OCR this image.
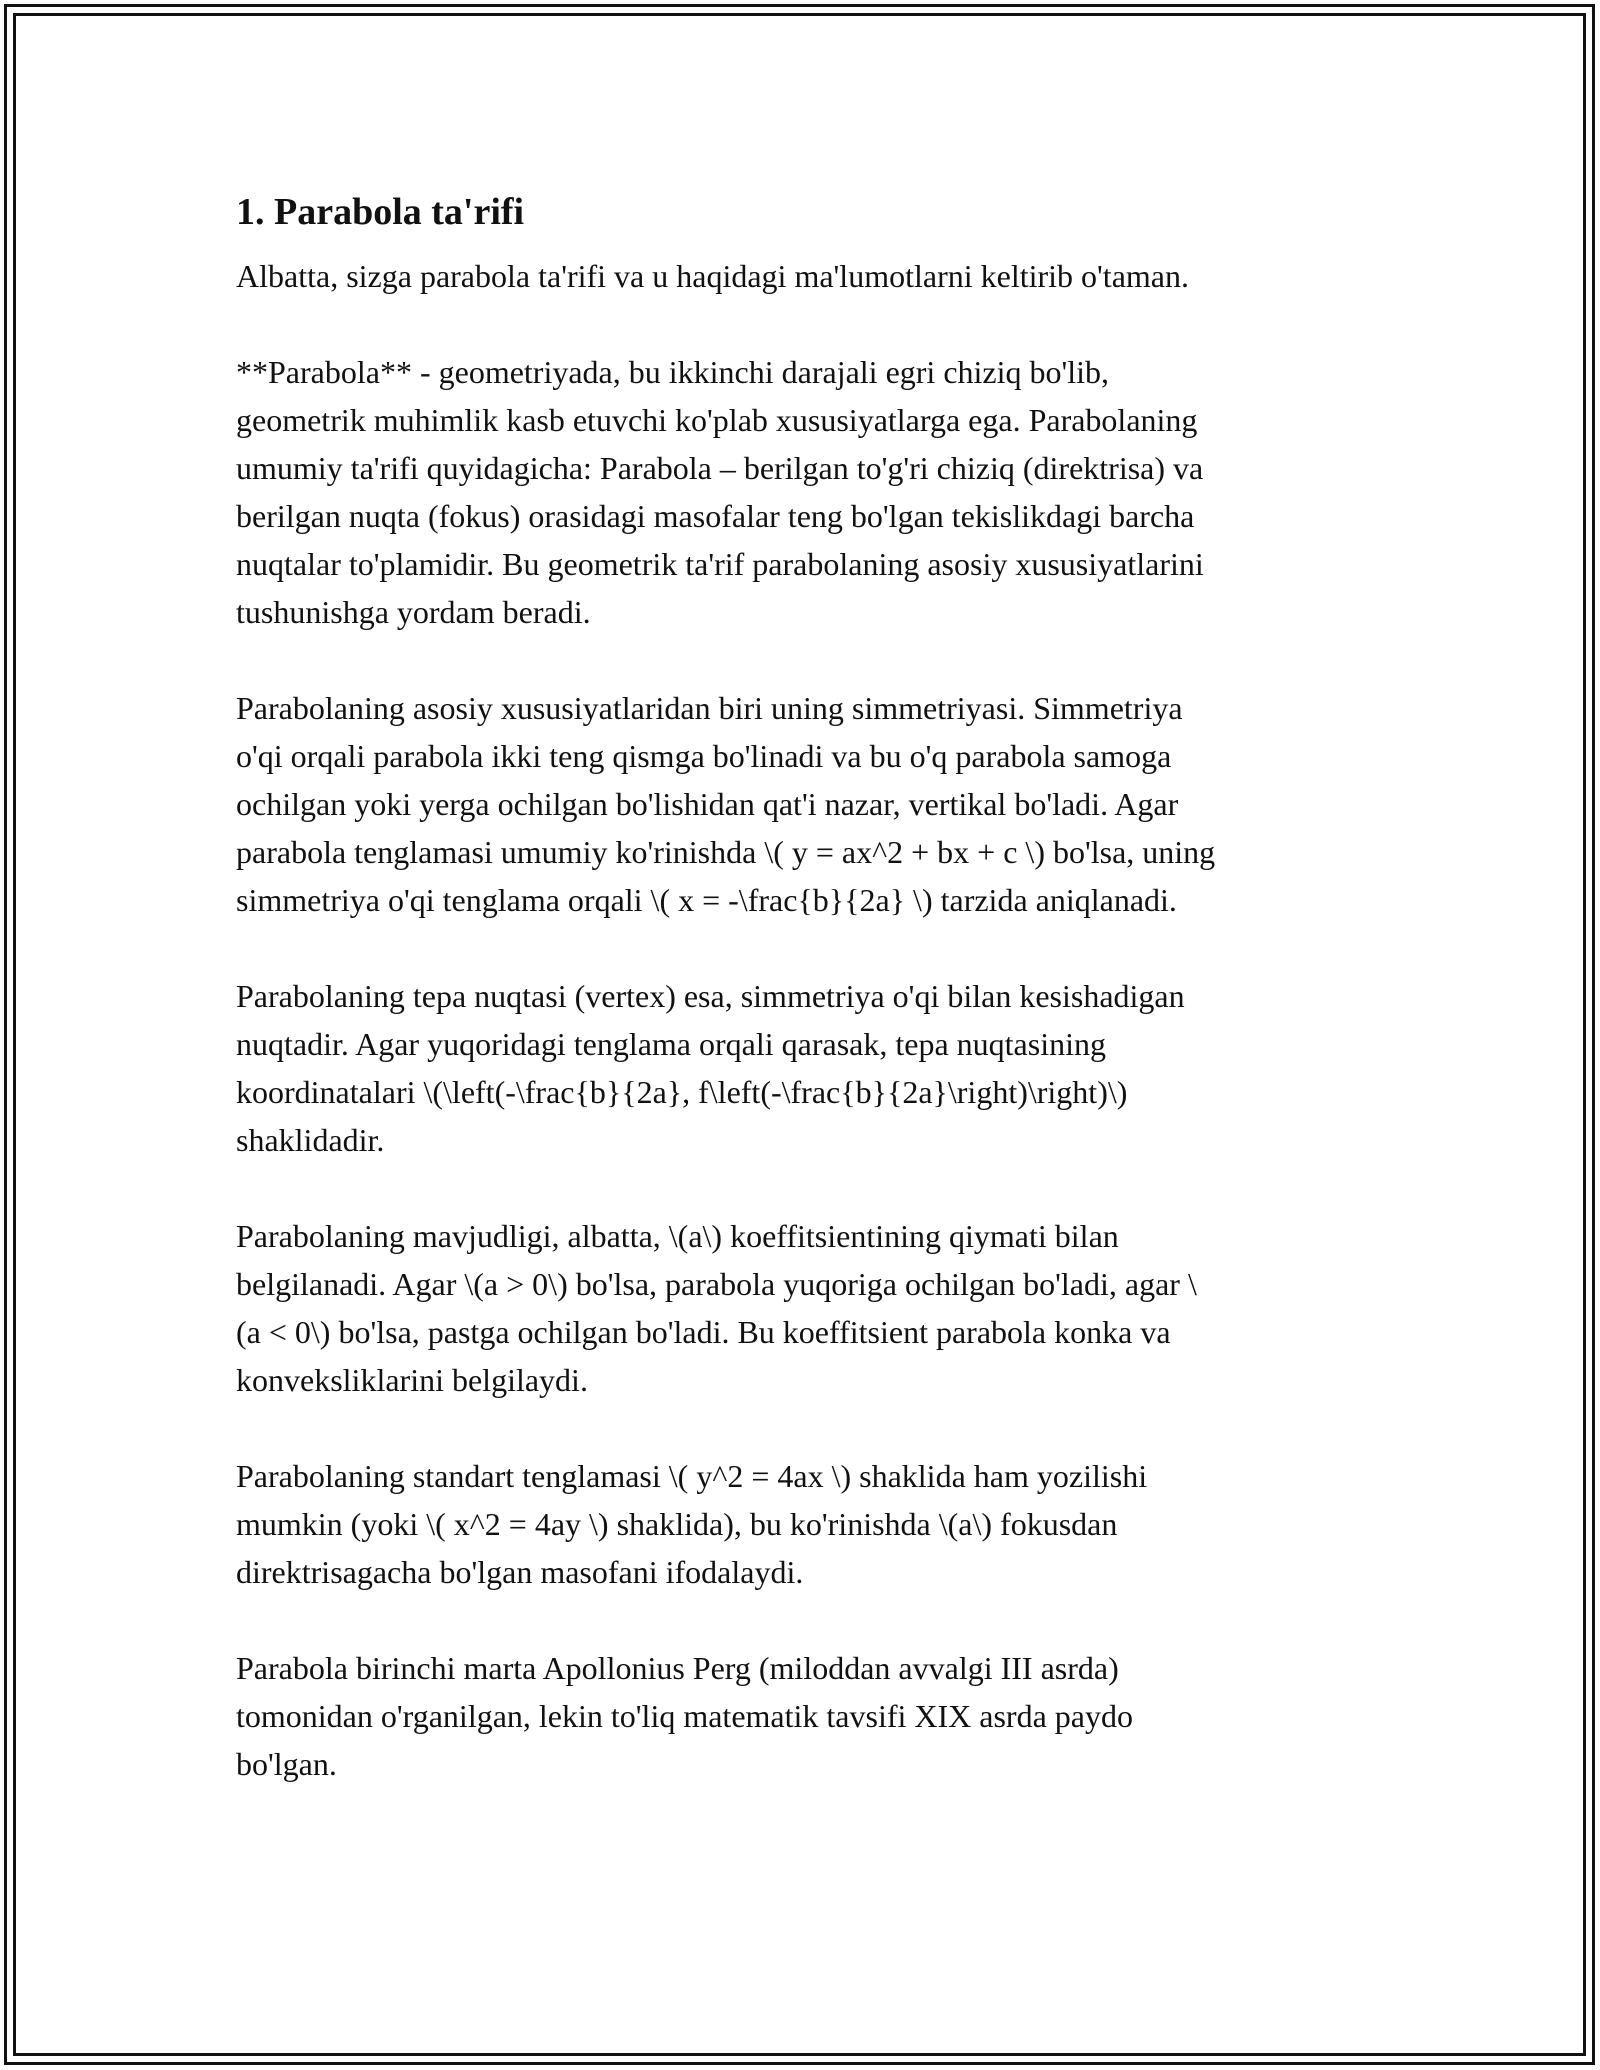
1. Parabola ta'rifi

Albatta, sizga parabola ta'rifi va u haqidagi ma'lumotlarni keltirib o'taman.

**Parabola** - geometriyada, bu ikkinchi darajali egri chiziq bo'lib,
geometrik muhimlik kasb etuvchi ko'plab xususiyatlarga ega. Parabolaning
umumiy ta'rifi quyidagicha: Parabola – berilgan to'g'ri chiziq (direktrisa) va
berilgan nuqta (fokus) orasidagi masofalar teng bo'lgan tekislikdagi barcha
nuqtalar to'plamidir. Bu geometrik ta'rif parabolaning asosiy xususiyatlarini
tushunishga yordam beradi.

Parabolaning asosiy xususiyatlaridan biri uning simmetriyasi. Simmetriya
o'qi orqali parabola ikki teng qismga bo'linadi va bu o'q parabola samoga
ochilgan yoki yerga ochilgan bo'lishidan qat'i nazar, vertikal bo'ladi. Agar
parabola tenglamasi umumiy ko'rinishda \( y = ax^2 + bx + c \) bo'lsa, uning
simmetriya o'qi tenglama orqali \( x = -\frac{b}{2a} \) tarzida aniqlanadi.

Parabolaning tepa nuqtasi (vertex) esa, simmetriya o'qi bilan kesishadigan
nuqtadir. Agar yuqoridagi tenglama orqali qarasak, tepa nuqtasining
koordinatalari \(\left(-\frac{b}{2a}, f\left(-\frac{b}{2a}\right)\right)\)
shaklidadir.

Parabolaning mavjudligi, albatta, \(a\) koeffitsientining qiymati bilan
belgilanadi. Agar \(a > 0\) bo'lsa, parabola yuqoriga ochilgan bo'ladi, agar \
(a < 0\) bo'lsa, pastga ochilgan bo'ladi. Bu koeffitsient parabola konka va
konveksliklarini belgilaydi.

Parabolaning standart tenglamasi \( y^2 = 4ax \) shaklida ham yozilishi
mumkin (yoki \( x^2 = 4ay \) shaklida), bu ko'rinishda \(a\) fokusdan
direktrisagacha bo'lgan masofani ifodalaydi.

Parabola birinchi marta Apollonius Perg (miloddan avvalgi III asrda)
tomonidan o'rganilgan, lekin to'liq matematik tavsifi XIX asrda paydo
bo'lgan.
